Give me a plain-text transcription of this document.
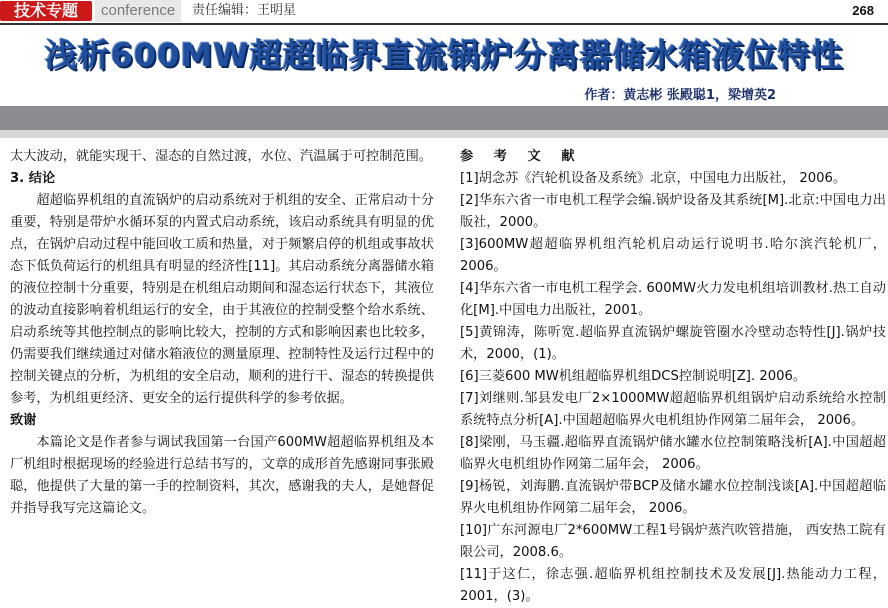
技术专题	conference	责任编辑：王明星	268
浅析600MW超超临界直流锅炉分离器储水箱液位特性
作者：黄志彬 张殿聪1，梁增英2

太大波动，就能实现干、湿态的自然过渡，水位、汽温属于可控制范围。

3. 结论

超超临界机组的直流锅炉的启动系统对于机组的安全、正常启动十分重要，特别是带炉水循环泵的内置式启动系统，该启动系统具有明显的优点，在锅炉启动过程中能回收工质和热量，对于频繁启停的机组或事故状态下低负荷运行的机组具有明显的经济性[11]。其启动系统分离器储水箱的液位控制十分重要，特别是在机组启动期间和湿态运行状态下，其液位的波动直接影响着机组运行的安全，由于其液位的控制受整个给水系统、启动系统等其他控制点的影响比较大，控制的方式和影响因素也比较多，仍需要我们继续通过对储水箱液位的测量原理、控制特性及运行过程中的控制关键点的分析，为机组的安全启动，顺利的进行干、湿态的转换提供参考，为机组更经济、更安全的运行提供科学的参考依据。

致谢

本篇论文是作者参与调试我国第一台国产600MW超超临界机组及本厂机组时根据现场的经验进行总结书写的，文章的成形首先感谢同事张殿聪，他提供了大量的第一手的控制资料，其次，感谢我的夫人，是她督促并指导我写完这篇论文。

参 考 文 献

[1]胡念苏《汽轮机设备及系统》北京，中国电力出版社， 2006。

[2]华东六省一市电机工程学会编.锅炉设备及其系统[M].北京:中国电力出版社，2000。

[3]600MW超超临界机组汽轮机启动运行说明书.哈尔滨汽轮机厂，2006。

[4]华东六省一市电机工程学会. 600MW火力发电机组培训教材.热工自动化[M].中国电力出版社，2001。

[5]黄锦涛，陈听宽.超临界直流锅炉螺旋管圈水冷壁动态特性[J].锅炉技术，2000，(1)。

[6]三菱600 MW机组超临界机组DCS控制说明[Z]. 2006。

[7]刘继则.邹县发电厂2×1000MW超超临界机组锅炉启动系统给水控制系统特点分析[A].中国超超临界火电机组协作网第二届年会， 2006。

[8]梁刚，马玉疆.超临界直流锅炉储水罐水位控制策略浅析[A].中国超超临界火电机组协作网第二届年会， 2006。

[9]杨锐，刘海鹏.直流锅炉带BCP及储水罐水位控制浅谈[A].中国超超临界火电机组协作网第二届年会， 2006。

[10]广东河源电厂2*600MW工程1号锅炉蒸汽吹管措施， 西安热工院有限公司，2008.6。

[11]于这仁，徐志强.超临界机组控制技术及发展[J].热能动力工程，2001，(3)。
